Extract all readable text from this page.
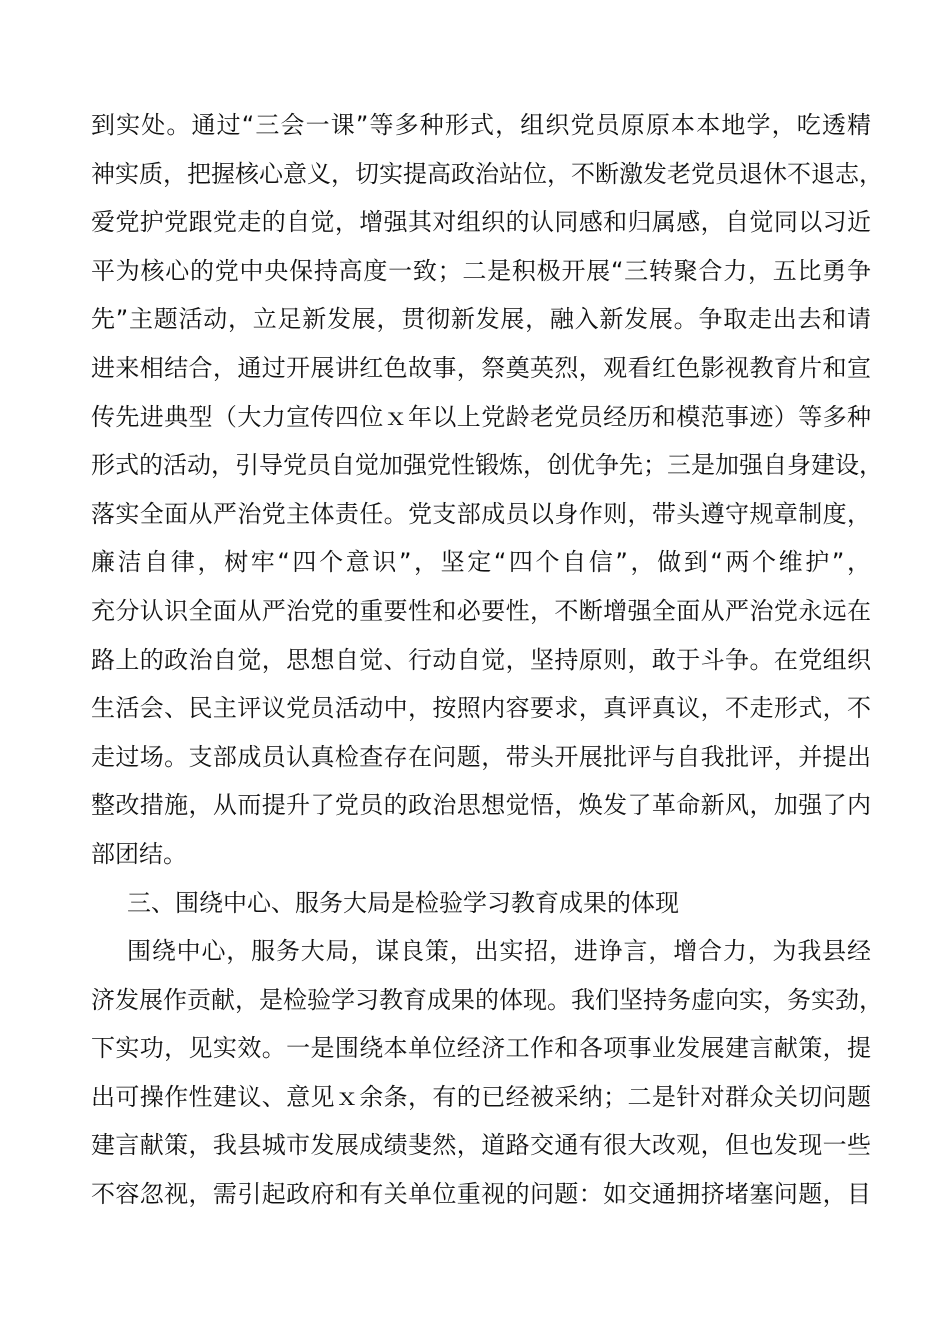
到实处。通过“三会一课”等多种形式，组织党员原原本本地学，吃透精
神实质，把握核心意义，切实提高政治站位，不断激发老党员退休不退志，
爱党护党跟党走的自觉，增强其对组织的认同感和归属感，自觉同以习近
平为核心的党中央保持高度一致；二是积极开展“三转聚合力，五比勇争
先”主题活动，立足新发展，贯彻新发展，融入新发展。争取走出去和请
进来相结合，通过开展讲红色故事，祭奠英烈，观看红色影视教育片和宣
传先进典型（大力宣传四位ｘ年以上党龄老党员经历和模范事迹）等多种
形式的活动，引导党员自觉加强党性锻炼，创优争先；三是加强自身建设，
落实全面从严治党主体责任。党支部成员以身作则，带头遵守规章制度，
廉洁自律，树牢“四个意识”，坚定“四个自信”，做到“两个维护”，
充分认识全面从严治党的重要性和必要性，不断增强全面从严治党永远在
路上的政治自觉，思想自觉、行动自觉，坚持原则，敢于斗争。在党组织
生活会、民主评议党员活动中，按照内容要求，真评真议，不走形式，不
走过场。支部成员认真检查存在问题，带头开展批评与自我批评，并提出
整改措施，从而提升了党员的政治思想觉悟，焕发了革命新风，加强了内
部团结。
三、围绕中心、服务大局是检验学习教育成果的体现
围绕中心，服务大局，谋良策，出实招，进诤言，增合力，为我县经
济发展作贡献，是检验学习教育成果的体现。我们坚持务虚向实，务实劲，
下实功，见实效。一是围绕本单位经济工作和各项事业发展建言献策，提
出可操作性建议、意见ｘ余条，有的已经被采纳；二是针对群众关切问题
建言献策，我县城市发展成绩斐然，道路交通有很大改观，但也发现一些
不容忽视，需引起政府和有关单位重视的问题：如交通拥挤堵塞问题，目
